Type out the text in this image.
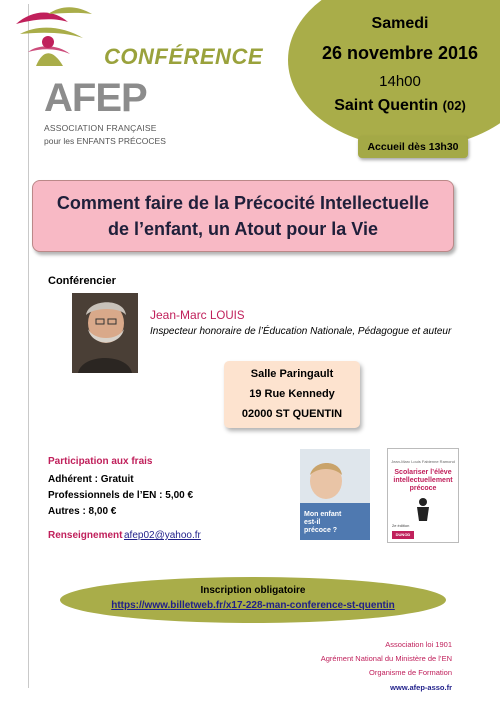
AFEP
ASSOCIATION FRANÇAISE
pour les ENFANTS PRÉCOCES
CONFÉRENCE
Samedi
26 novembre 2016
14h00
Saint Quentin (02)
Accueil dès 13h30
Comment faire de la Précocité Intellectuelle
de l’enfant, un Atout pour la Vie
Conférencier
Jean-Marc LOUIS
Inspecteur honoraire de l’Éducation Nationale, Pédagogue et auteur
Salle Paringault
19 Rue Kennedy
02000 ST QUENTIN
Participation aux frais
Adhérent : Gratuit
Professionnels de l’EN : 5,00 €
Autres : 8,00 €
Renseignement afep02@yahoo.fr
Mon enfant est-il précoce ?
Jean-Marc Louis Fabienne Ramond
Scolariser l’élève intellectuellement précoce
2e édition
DUNOD
Inscription obligatoire
https://www.billetweb.fr/x17-228-man-conference-st-quentin
Association loi 1901
Agrément National du Ministère de l’EN
Organisme de Formation
www.afep-asso.fr
